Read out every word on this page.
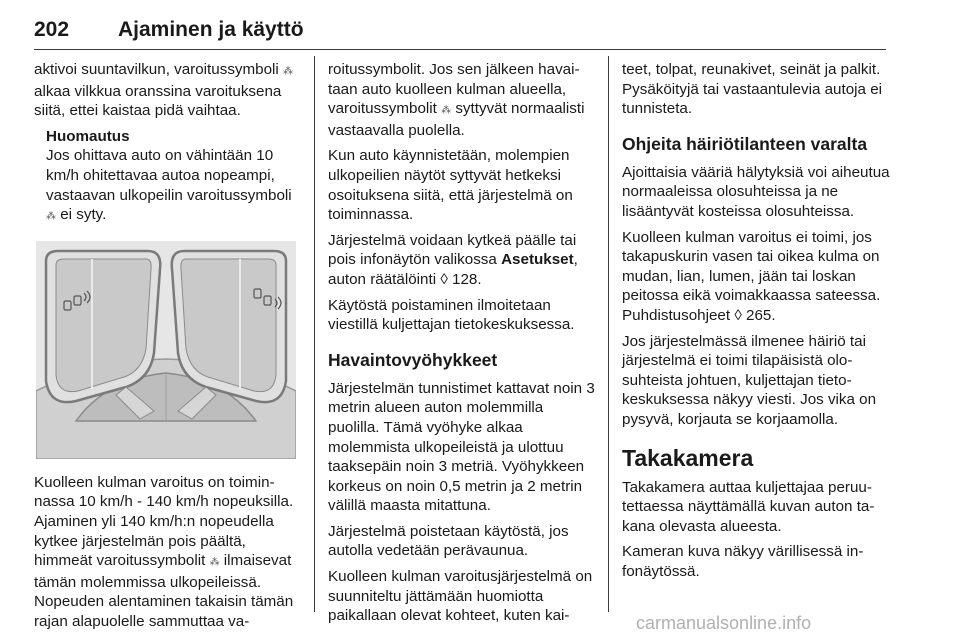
202 Ajaminen ja käyttö

aktivoi suuntavilkun, varoitussymboli ⁂ alkaa vilkkua oranssina varoituksena siitä, ettei kaistaa pidä vaihtaa.

Huomautus

Jos ohittava auto on vähintään 10 km/h ohitettavaa autoa nopeampi, vastaavan ulkopeilin varoitussymboli ⁂ ei syty.

Kuolleen kulman varoitus on toiminnassa 10 km/h - 140 km/h nopeuksilla. Ajaminen yli 140 km/h:n nopeudella kytkee järjestelmän pois päältä, himmeät varoitussymbolit ⁂ ilmaisevat tämän molemmissa ulkopeileissä. Nopeuden alentaminen takaisin tämän rajan alapuolelle sammuttaa va-

roitussymbolit. Jos sen jälkeen havaitaan auto kuolleen kulman alueella, varoitussymbolit ⁂ syttyvät normaalisti vastaavalla puolella.

Kun auto käynnistetään, molempien ulkopeilien näytöt syttyvät hetkeksi osoituksena siitä, että järjestelmä on toiminnassa.

Järjestelmä voidaan kytkeä päälle tai pois infonäytön valikossa Asetukset, auton räätälöinti ◊ 128.

Käytöstä poistaminen ilmoitetaan viestillä kuljettajan tietokeskuksessa.

Havaintovyöhykkeet

Järjestelmän tunnistimet kattavat noin 3 metrin alueen auton molemmilla puolilla. Tämä vyöhyke alkaa molemmista ulkopeileistä ja ulottuu taaksepäin noin 3 metriä. Vyöhykkeen korkeus on noin 0,5 metrin ja 2 metrin välillä maasta mitattuna.

Järjestelmä poistetaan käytöstä, jos autolla vedetään perävaunua.

Kuolleen kulman varoitusjärjestelmä on suunniteltu jättämään huomiotta paikallaan olevat kohteet, kuten kai-

teet, tolpat, reunakivet, seinät ja palkit. Pysäköityjä tai vastaantulevia autoja ei tunnisteta.

Ohjeita häiriötilanteen varalta

Ajoittaisia vääriä hälytyksiä voi aiheutua normaaleissa olosuhteissa ja ne lisääntyvät kosteissa olosuhteissa.

Kuolleen kulman varoitus ei toimi, jos takapuskurin vasen tai oikea kulma on mudan, lian, lumen, jään tai loskan peitossa eikä voimakkaassa sateessa. Puhdistusohjeet ◊ 265.

Jos järjestelmässä ilmenee häiriö tai järjestelmä ei toimi tilapäisistä olosuhteista johtuen, kuljettajan tietokeskuksessa näkyy viesti. Jos vika on pysyvä, korjauta se korjaamolla.

Takakamera

Takakamera auttaa kuljettajaa peruutettaessa näyttämällä kuvan auton takana olevasta alueesta.

Kameran kuva näkyy värillisessä infonäytössä.

carmanualsonline.info
